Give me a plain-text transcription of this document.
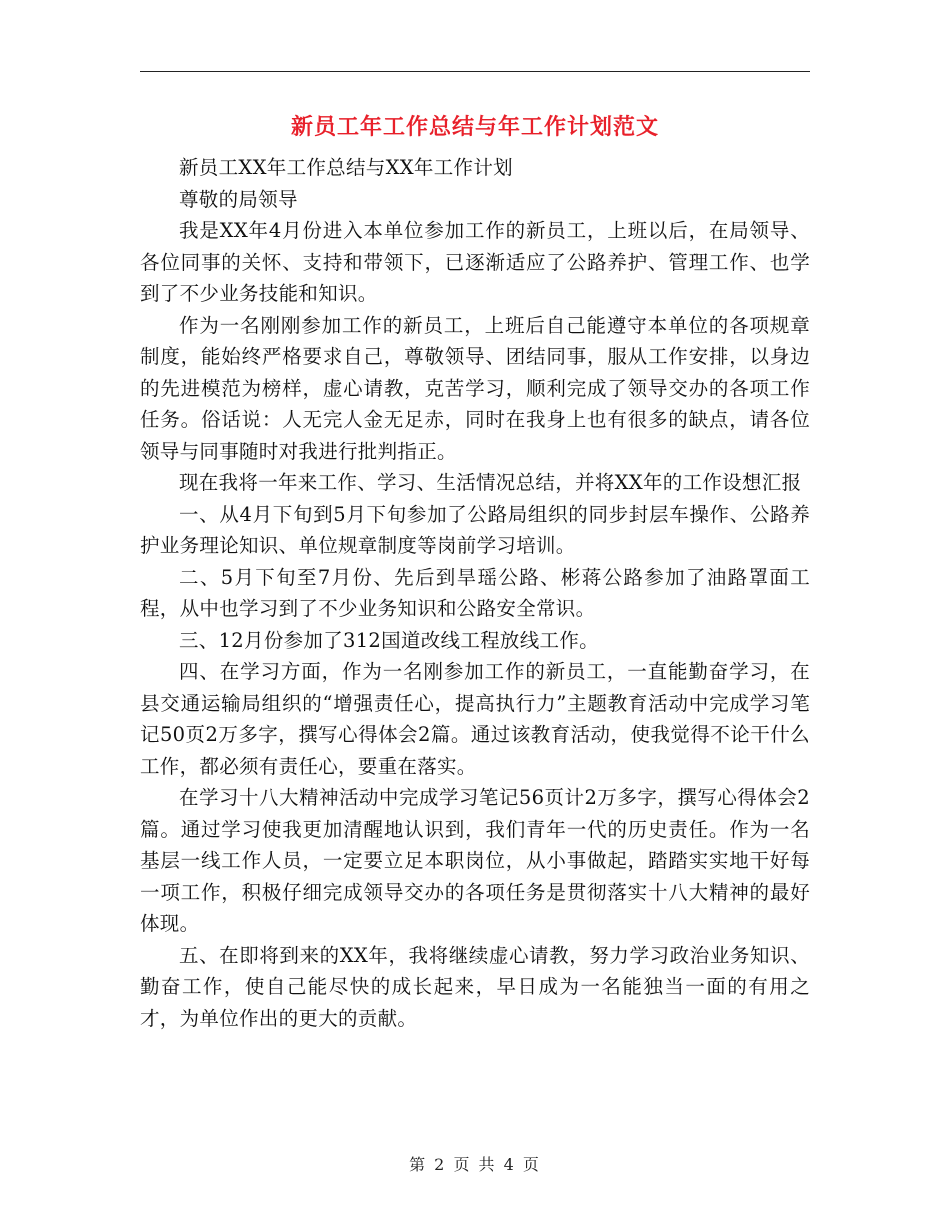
新员工年工作总结与年工作计划范文

新员工XX年工作总结与XX年工作计划

尊敬的局领导

我是XX年4月份进入本单位参加工作的新员工，上班以后，在局领导、各位同事的关怀、支持和带领下，已逐渐适应了公路养护、管理工作、也学到了不少业务技能和知识。

作为一名刚刚参加工作的新员工，上班后自己能遵守本单位的各项规章制度，能始终严格要求自己，尊敬领导、团结同事，服从工作安排，以身边的先进模范为榜样，虚心请教，克苦学习，顺利完成了领导交办的各项工作任务。俗话说：人无完人金无足赤，同时在我身上也有很多的缺点，请各位领导与同事随时对我进行批判指正。

现在我将一年来工作、学习、生活情况总结，并将XX年的工作设想汇报

一、从4月下旬到5月下旬参加了公路局组织的同步封层车操作、公路养护业务理论知识、单位规章制度等岗前学习培训。

二、5月下旬至7月份、先后到旱瑶公路、彬蒋公路参加了油路罩面工程，从中也学习到了不少业务知识和公路安全常识。

三、12月份参加了312国道改线工程放线工作。

四、在学习方面，作为一名刚参加工作的新员工，一直能勤奋学习，在县交通运输局组织的“增强责任心，提高执行力”主题教育活动中完成学习笔记50页2万多字，撰写心得体会2篇。通过该教育活动，使我觉得不论干什么工作，都必须有责任心，要重在落实。

在学习十八大精神活动中完成学习笔记56页计2万多字，撰写心得体会2篇。通过学习使我更加清醒地认识到，我们青年一代的历史责任。作为一名基层一线工作人员，一定要立足本职岗位，从小事做起，踏踏实实地干好每一项工作，积极仔细完成领导交办的各项任务是贯彻落实十八大精神的最好体现。

五、在即将到来的XX年，我将继续虚心请教，努力学习政治业务知识、勤奋工作，使自己能尽快的成长起来，早日成为一名能独当一面的有用之才，为单位作出的更大的贡献。

第 2 页 共 4 页
